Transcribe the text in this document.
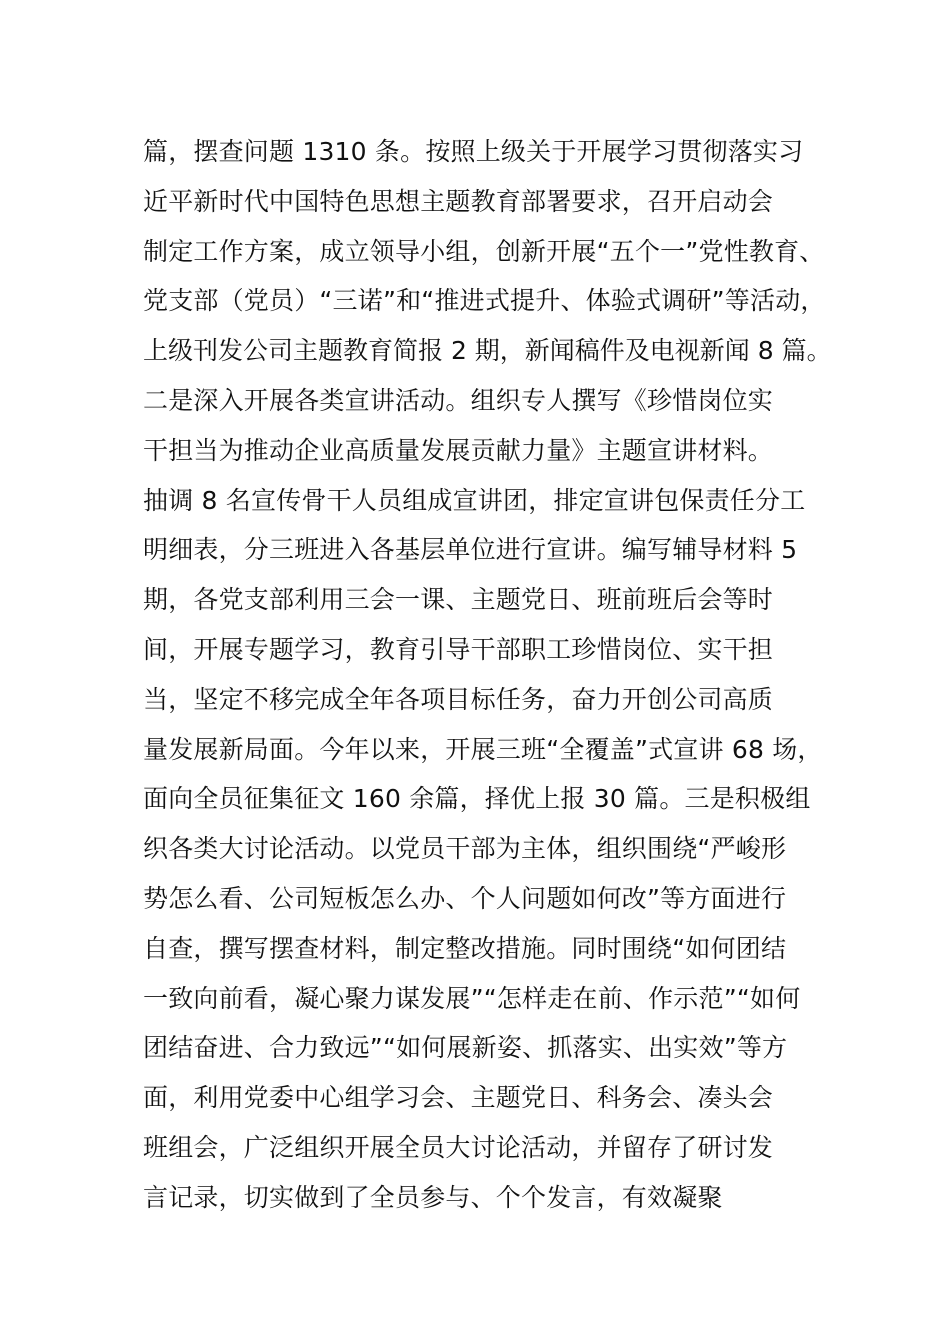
篇，摆查问题 1310 条。按照上级关于开展学习贯彻落实习
近平新时代中国特色思想主题教育部署要求，召开启动会
制定工作方案，成立领导小组，创新开展“五个一”党性教育、
党支部（党员）“三诺”和“推进式提升、体验式调研”等活动，
上级刊发公司主题教育简报 2 期，新闻稿件及电视新闻 8 篇。
二是深入开展各类宣讲活动。组织专人撰写《珍惜岗位实
干担当为推动企业高质量发展贡献力量》主题宣讲材料。
抽调 8 名宣传骨干人员组成宣讲团，排定宣讲包保责任分工
明细表，分三班进入各基层单位进行宣讲。编写辅导材料 5
期，各党支部利用三会一课、主题党日、班前班后会等时
间，开展专题学习，教育引导干部职工珍惜岗位、实干担
当，坚定不移完成全年各项目标任务，奋力开创公司高质
量发展新局面。今年以来，开展三班“全覆盖”式宣讲 68 场，
面向全员征集征文 160 余篇，择优上报 30 篇。三是积极组
织各类大讨论活动。以党员干部为主体，组织围绕“严峻形
势怎么看、公司短板怎么办、个人问题如何改”等方面进行
自查，撰写摆查材料，制定整改措施。同时围绕“如何团结
一致向前看，凝心聚力谋发展”“怎样走在前、作示范”“如何
团结奋进、合力致远”“如何展新姿、抓落实、出实效”等方
面，利用党委中心组学习会、主题党日、科务会、凑头会
班组会，广泛组织开展全员大讨论活动，并留存了研讨发
言记录，切实做到了全员参与、个个发言，有效凝聚
